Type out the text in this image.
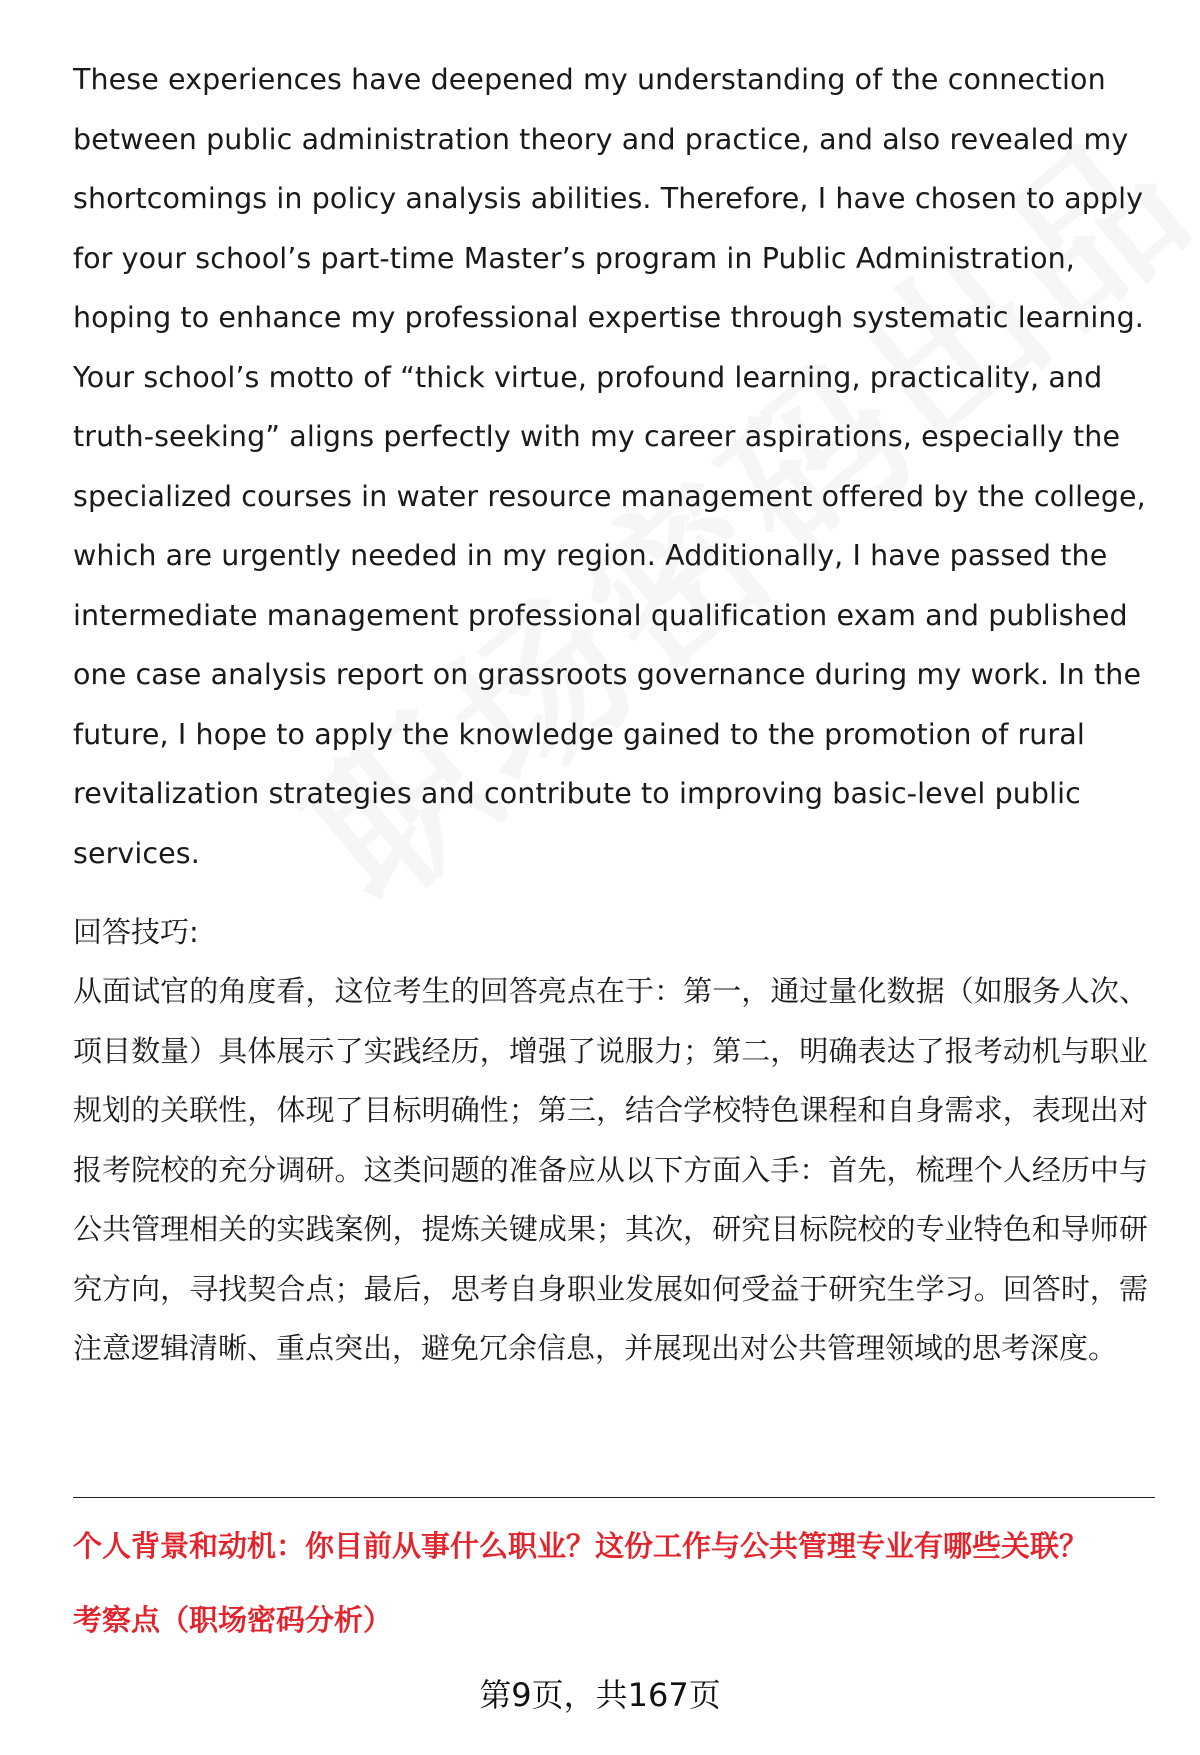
These experiences have deepened my understanding of the connection between public administration theory and practice, and also revealed my shortcomings in policy analysis abilities. Therefore, I have chosen to apply for your school’s part-time Master’s program in Public Administration, hoping to enhance my professional expertise through systematic learning. Your school’s motto of “thick virtue, profound learning, practicality, and truth-seeking” aligns perfectly with my career aspirations, especially the specialized courses in water resource management offered by the college, which are urgently needed in my region. Additionally, I have passed the intermediate management professional qualification exam and published one case analysis report on grassroots governance during my work. In the future, I hope to apply the knowledge gained to the promotion of rural revitalization strategies and contribute to improving basic-level public services.

回答技巧:

从面试官的角度看，这位考生的回答亮点在于：第一，通过量化数据（如服务人次、项目数量）具体展示了实践经历，增强了说服力；第二，明确表达了报考动机与职业规划的关联性，体现了目标明确性；第三，结合学校特色课程和自身需求，表现出对报考院校的充分调研。这类问题的准备应从以下方面入手：首先，梳理个人经历中与公共管理相关的实践案例，提炼关键成果；其次，研究目标院校的专业特色和导师研究方向，寻找契合点；最后，思考自身职业发展如何受益于研究生学习。回答时，需注意逻辑清晰、重点突出，避免冗余信息，并展现出对公共管理领域的思考深度。

个人背景和动机：你目前从事什么职业？这份工作与公共管理专业有哪些关联？

考察点（职场密码分析）

第9页，共167页
